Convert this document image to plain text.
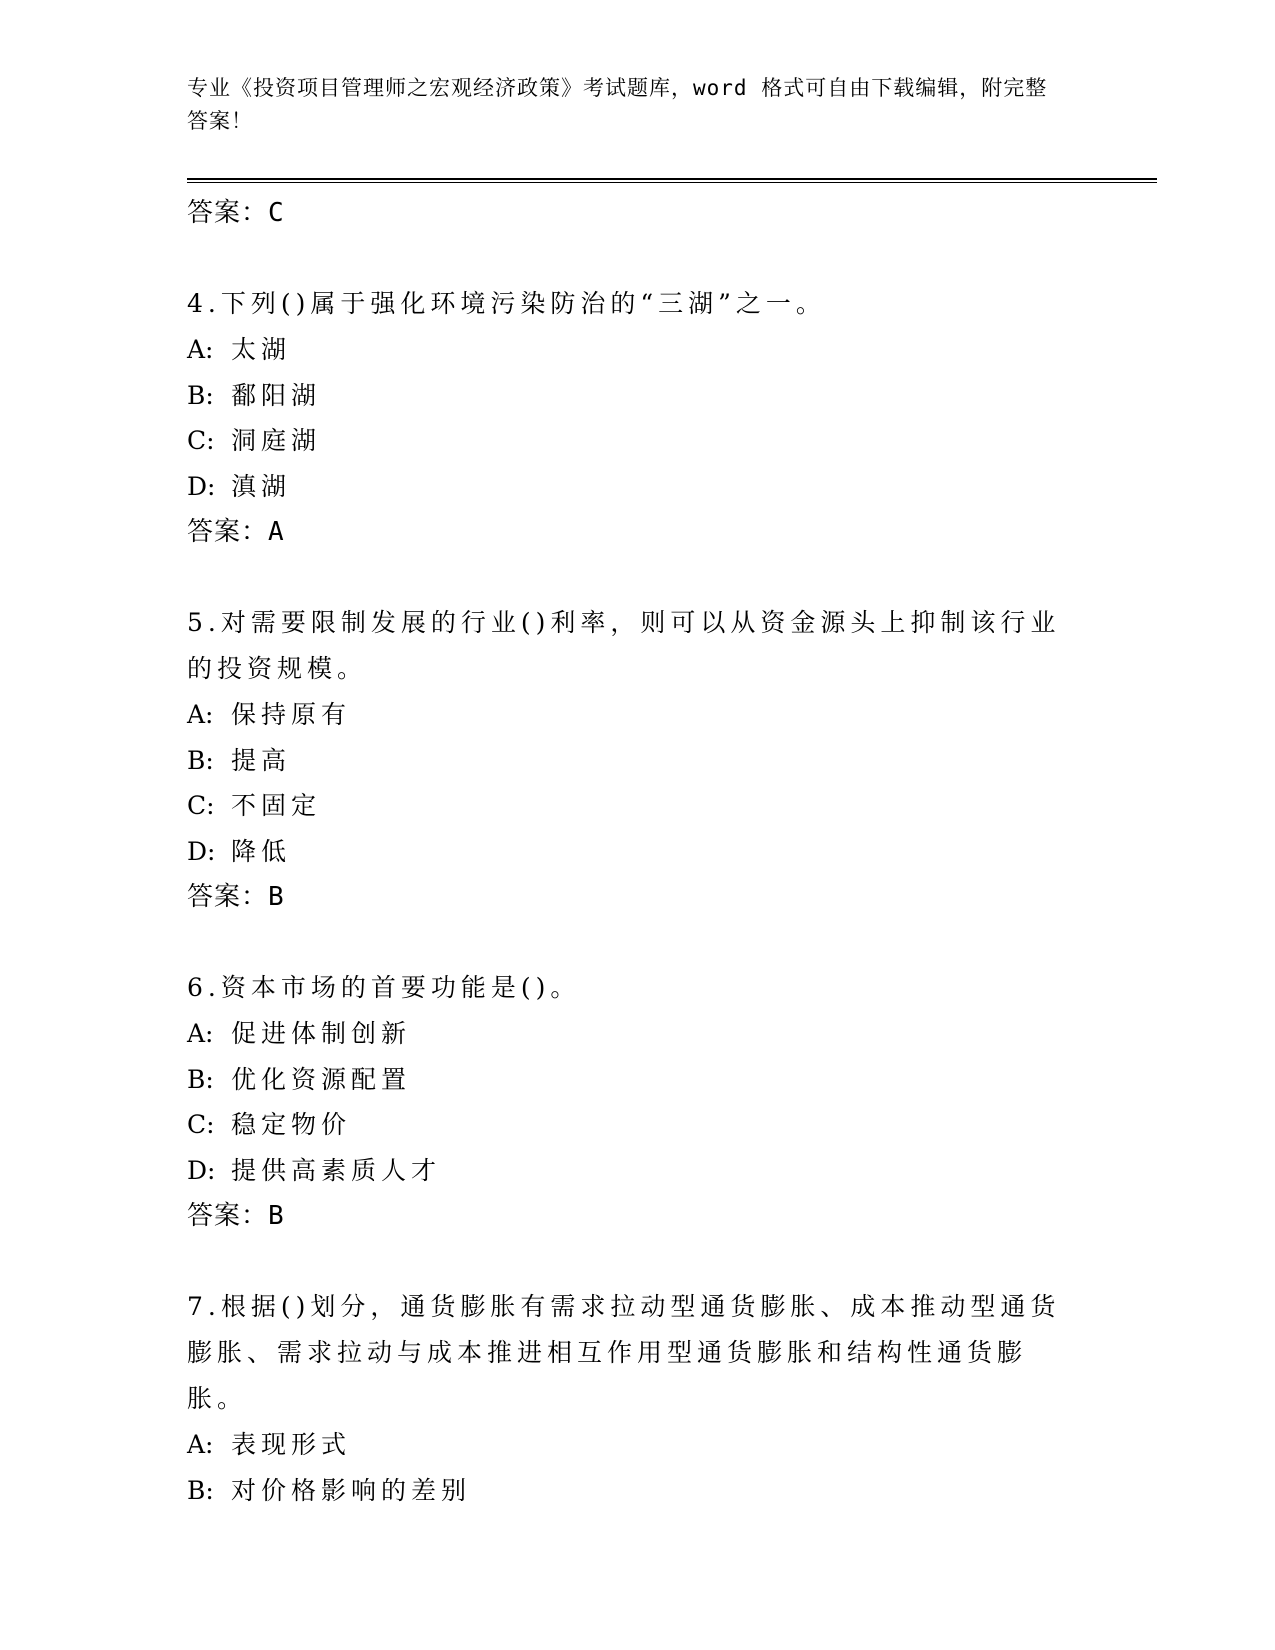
专业《投资项目管理师之宏观经济政策》考试题库，word 格式可自由下载编辑，附完整答案！
答案：C
4.下列()属于强化环境污染防治的“三湖”之一。
A: 太湖
B: 鄱阳湖
C: 洞庭湖
D: 滇湖
答案：A
5.对需要限制发展的行业()利率，则可以从资金源头上抑制该行业的投资规模。
A: 保持原有
B: 提高
C: 不固定
D: 降低
答案：B
6.资本市场的首要功能是()。
A: 促进体制创新
B: 优化资源配置
C: 稳定物价
D: 提供高素质人才
答案：B
7.根据()划分，通货膨胀有需求拉动型通货膨胀、成本推动型通货膨胀、需求拉动与成本推进相互作用型通货膨胀和结构性通货膨胀。
A: 表现形式
B: 对价格影响的差别
